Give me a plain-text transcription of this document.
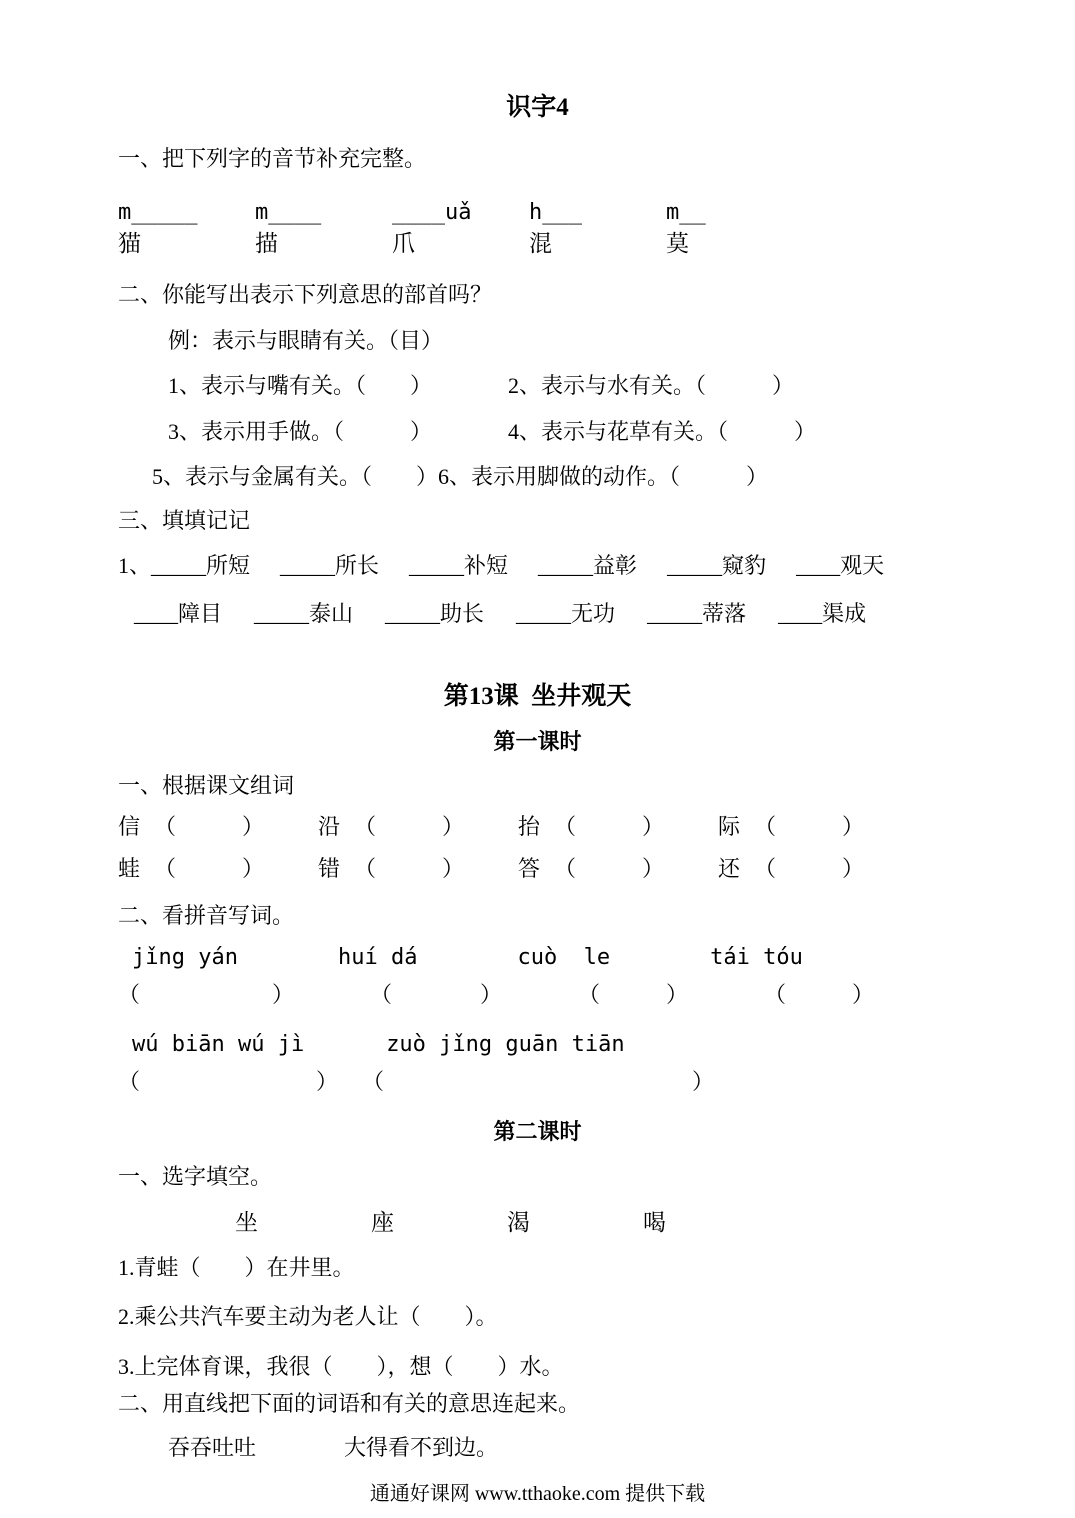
识字4
一、把下列字的音节补充完整。
m_____	m____	____uǎ	h___	m__
猫	描	爪	混	莫
二、你能写出表示下列意思的部首吗？
例：表示与眼睛有关。（目）
1、表示与嘴有关。（　　）	2、表示与水有关。（　　　）
3、表示用手做。（　　　）	4、表示与花草有关。（　　　）
5、表示与金属有关。（　　） 6、表示用脚做的动作。（　　　）
三、填填记记
1、_____所短 _____所长 _____补短 _____益彰 _____窥豹 ____观天
____障目 _____泰山 _____助长 _____无功 _____蒂落 ____渠成
第13课  坐井观天
第一课时
一、根据课文组词
信 （　　　）	沿 （　　　）	抬 （　　　）	际 （　　　）
蛙 （　　　）	错 （　　　）	答 （　　　）	还 （　　　）
二、看拼音写词。
jǐng yán	huí dá	cuò  le	tái tóu
（　　　　　　）	（　　　　）	（　　　）	（　　　）
wú biān wú jì	zuò jǐng guān tiān
（　　　　　　　　） （　　　　　　　　　　　　　　）
第二课时
一、选字填空。
坐	座	渴	喝
1.青蛙（　　）在井里。
2.乘公共汽车要主动为老人让（　　）。
3.上完体育课，我很（　　），想（　　）水。
二、用直线把下面的词语和有关的意思连起来。
吞吞吐吐	大得看不到边。
通通好课网 www.tthaoke.com 提供下载
